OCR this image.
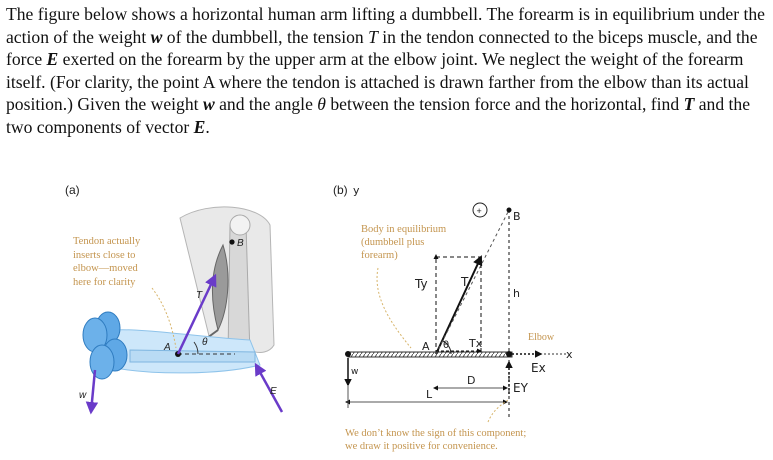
The figure below shows a horizontal human arm lifting a dumbbell. The forearm is in equilibrium under the action of the weight w of the dumbbell, the tension T in the tendon connected to the biceps muscle, and the force E exerted on the forearm by the upper arm at the elbow joint. We neglect the weight of the forearm itself. (For clarity, the point A where the tendon is attached is drawn farther from the elbow than its actual position.) Given the weight w and the angle θ between the tension force and the horizontal, find T and the two components of vector E.
(a)
B
A	θ
T
w	E
Tendon actually
inserts close to
elbow—moved
here for clarity
(b) y
+
x
w
Ty	T
Tx
θ
A
B
h
Elbow
Ex
EY
D
L
Body in equilibrium
(dumbbell plus
forearm)
We don’t know the sign of this component;
we draw it positive for convenience.
